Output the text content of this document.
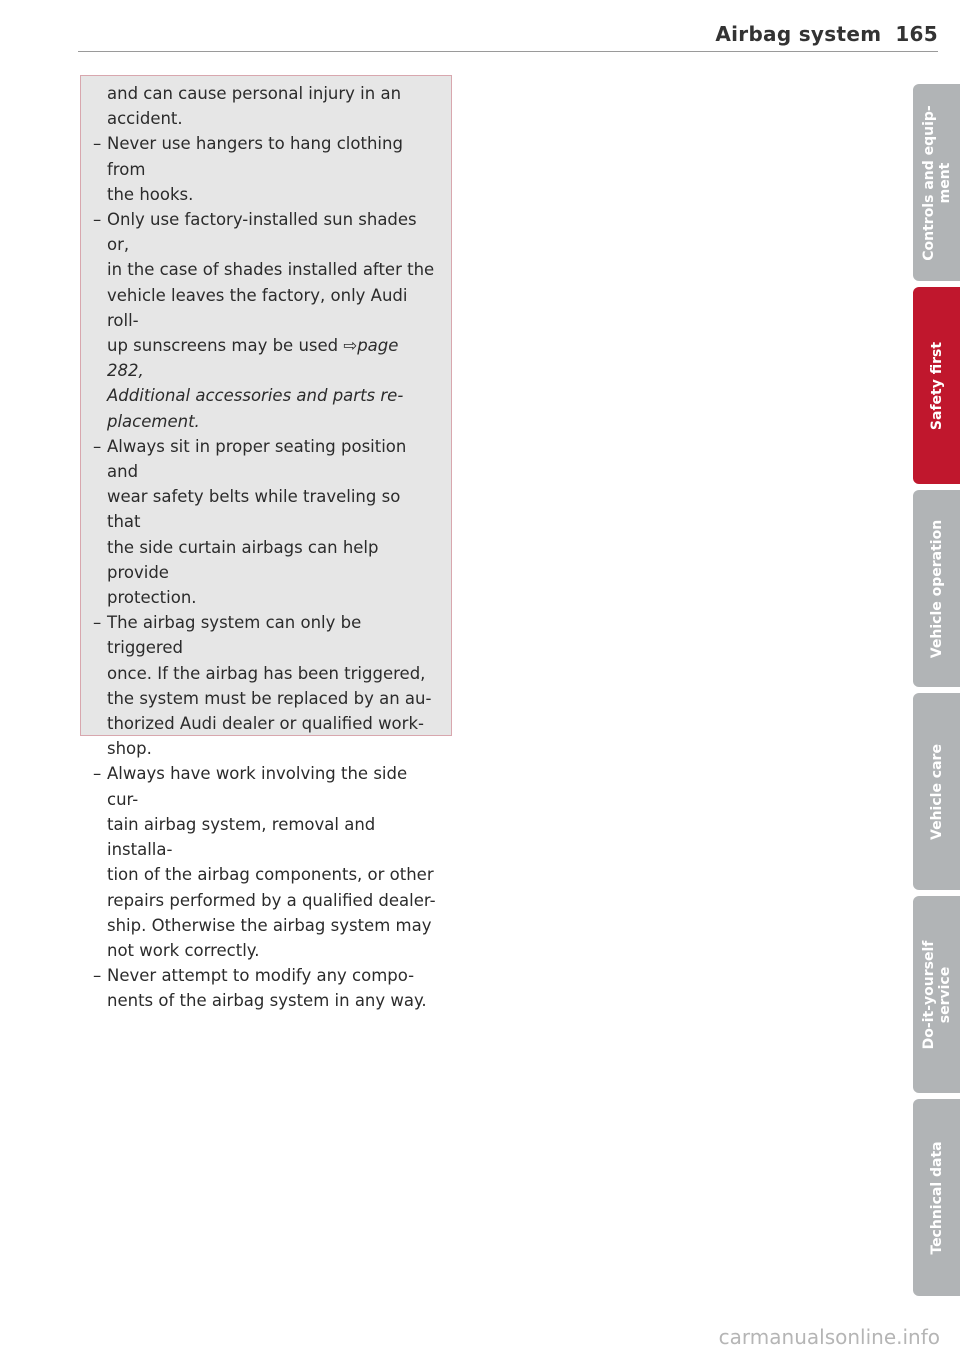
Airbag system 165

and can cause personal injury in an
accident.

– Never use hangers to hang clothing from
the hooks.

– Only use factory-installed sun shades or,
in the case of shades installed after the
vehicle leaves the factory, only Audi roll-
up sunscreens may be used ⇨page 282,
Additional accessories and parts re-
placement.

– Always sit in proper seating position and
wear safety belts while traveling so that
the side curtain airbags can help provide
protection.

– The airbag system can only be triggered
once. If the airbag has been triggered,
the system must be replaced by an au-
thorized Audi dealer or qualified work-
shop.

– Always have work involving the side cur-
tain airbag system, removal and installa-
tion of the airbag components, or other
repairs performed by a qualified dealer-
ship. Otherwise the airbag system may
not work correctly.

– Never attempt to modify any compo-
nents of the airbag system in any way.

Controls and equip-
ment
Safety first
Vehicle operation
Vehicle care
Do-it-yourself
service
Technical data
carmanualsonline.info
